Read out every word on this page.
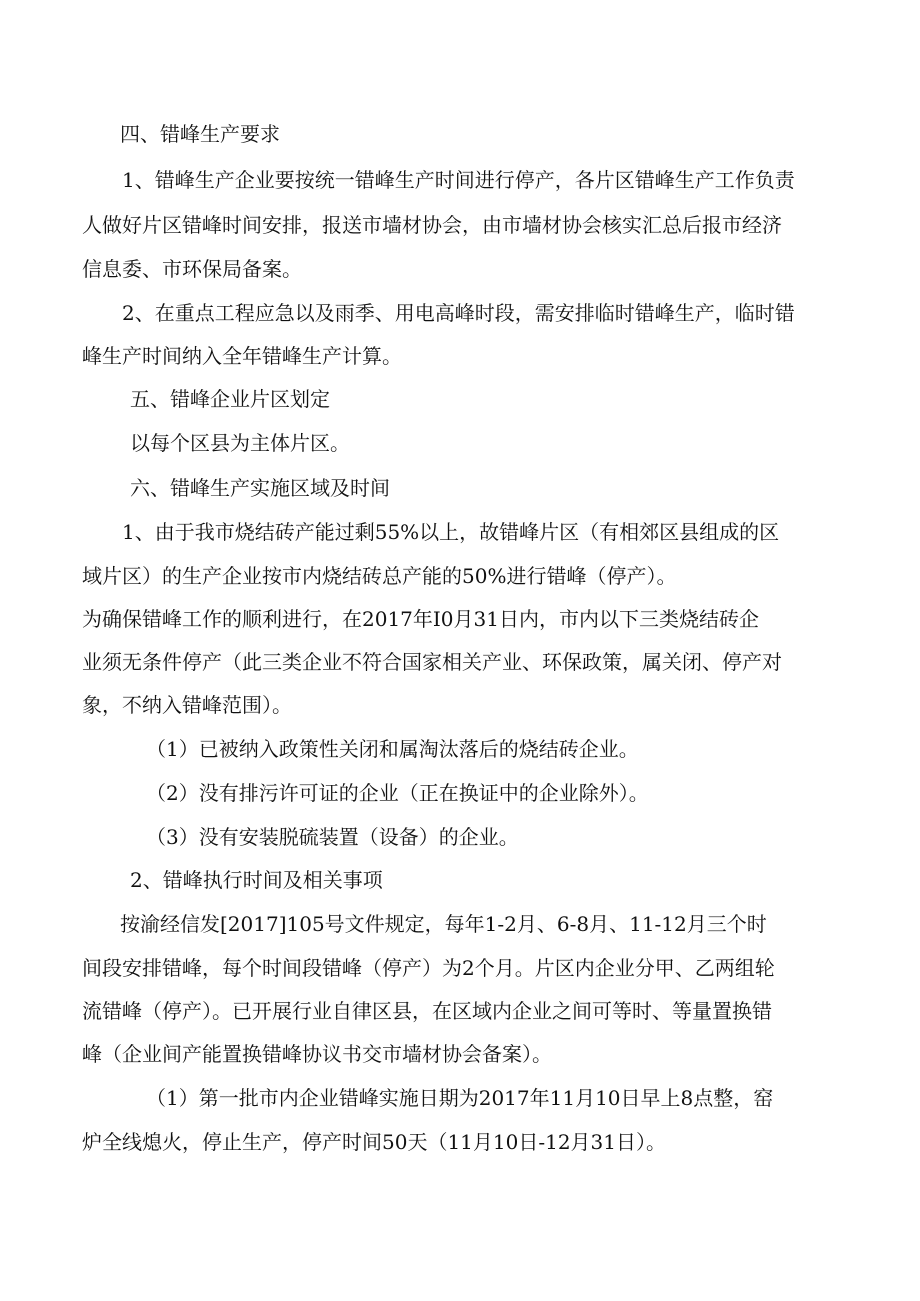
四、错峰生产要求

1、错峰生产企业要按统一错峰生产时间进行停产，各片区错峰生产工作负责

人做好片区错峰时间安排，报送市墙材协会，由市墙材协会核实汇总后报市经济

信息委、市环保局备案。

2、在重点工程应急以及雨季、用电高峰时段，需安排临时错峰生产，临时错

峰生产时间纳入全年错峰生产计算。

五、错峰企业片区划定

以每个区县为主体片区。

六、错峰生产实施区域及时间

1、由于我市烧结砖产能过剩55%以上，故错峰片区（有相郊区县组成的区

域片区）的生产企业按市内烧结砖总产能的50%进行错峰（停产）。

为确保错峰工作的顺利进行，在2017年I0月31日内，市内以下三类烧结砖企

业须无条件停产（此三类企业不符合国家相关产业、环保政策，属关闭、停产对

象，不纳入错峰范围）。

（1）已被纳入政策性关闭和属淘汰落后的烧结砖企业。

（2）没有排污许可证的企业（正在换证中的企业除外）。

（3）没有安装脱硫装置（设备）的企业。

2、错峰执行时间及相关事项

按渝经信发[2017]105号文件规定，每年1-2月、6-8月、11-12月三个时

间段安排错峰，每个时间段错峰（停产）为2个月。片区内企业分甲、乙两组轮

流错峰（停产）。已开展行业自律区县，在区域内企业之间可等时、等量置换错

峰（企业间产能置换错峰协议书交市墙材协会备案）。

（1）第一批市内企业错峰实施日期为2017年11月10日早上8点整，窑

炉全线熄火，停止生产，停产时间50天（11月10日-12月31日）。
